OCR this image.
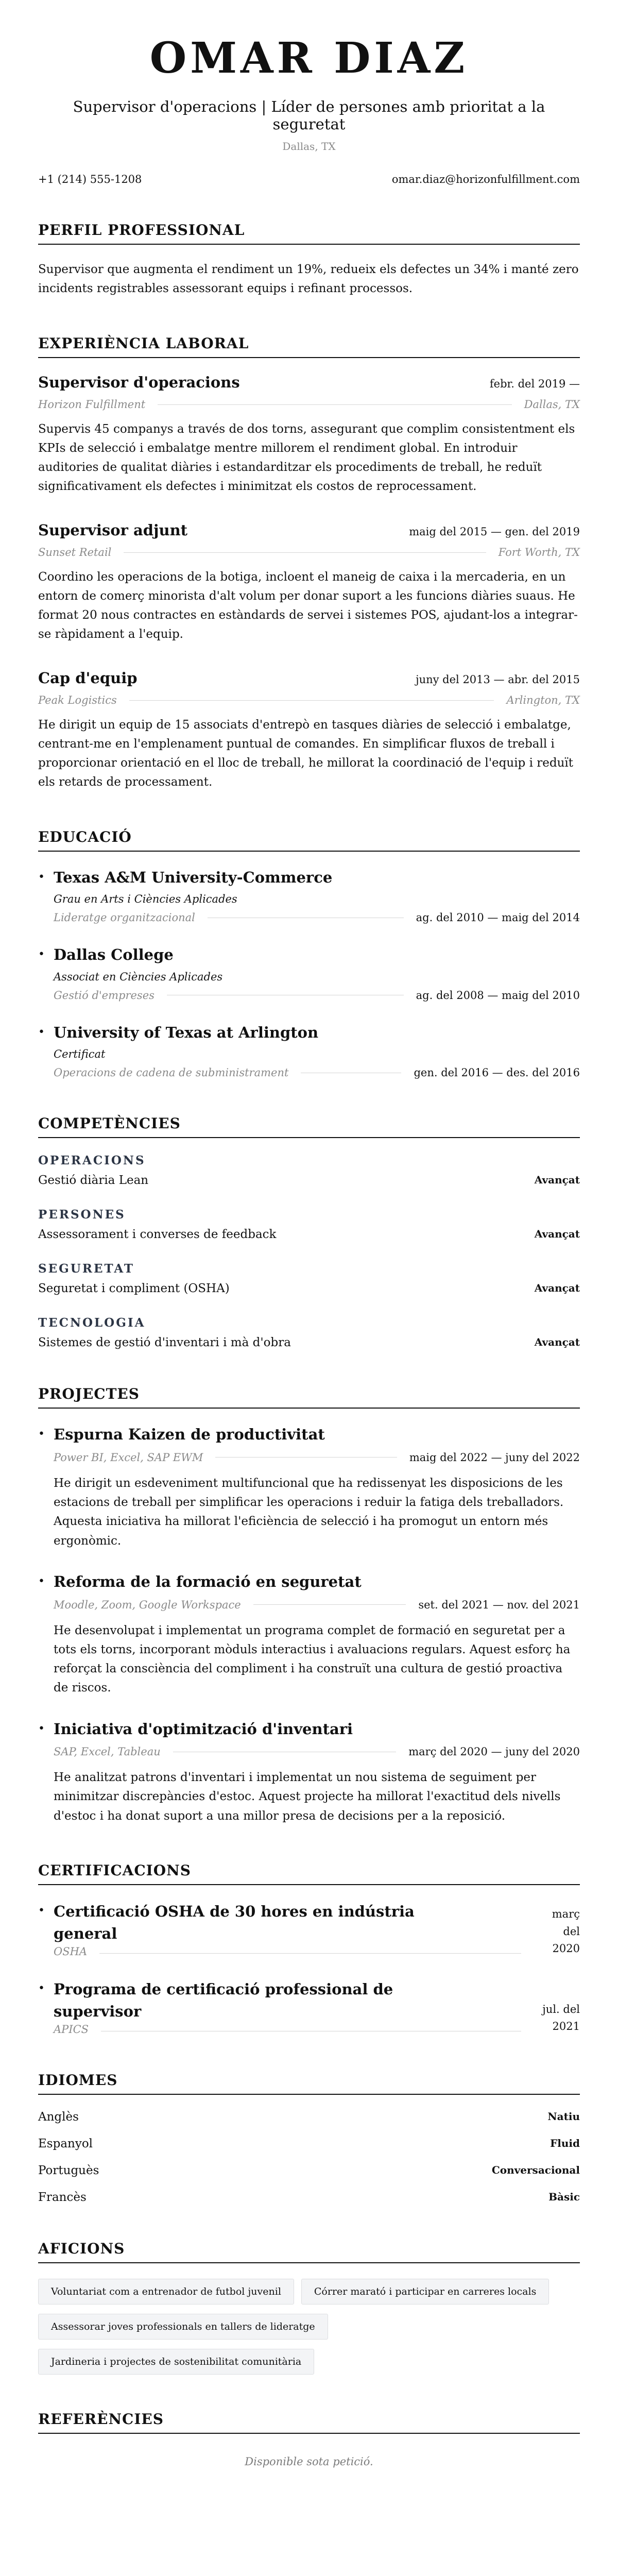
OMAR DIAZ
Supervisor d'operacions | Líder de persones amb prioritat a la seguretat
Dallas, TX
+1 (214) 555-1208	omar.diaz@horizonfulfillment.com
PERFIL PROFESSIONAL

Supervisor que augmenta el rendiment un 19%, redueix els defectes un 34% i manté zero incidents registrables assessorant equips i refinant processos.

EXPERIÈNCIA LABORAL
Supervisor d'operacions	febr. del 2019 —
Horizon Fulfillment	Dallas, TX

Supervis 45 companys a través de dos torns, assegurant que complim consistentment els KPIs de selecció i embalatge mentre millorem el rendiment global. En introduir auditories de qualitat diàries i estandarditzar els procediments de treball, he reduït significativament els defectes i minimitzat els costos de reprocessament.

Supervisor adjunt	maig del 2015 — gen. del 2019
Sunset Retail	Fort Worth, TX

Coordino les operacions de la botiga, incloent el maneig de caixa i la mercaderia, en un entorn de comerç minorista d'alt volum per donar suport a les funcions diàries suaus. He format 20 nous contractes en estàndards de servei i sistemes POS, ajudant-los a integrar-se ràpidament a l'equip.

Cap d'equip	juny del 2013 — abr. del 2015
Peak Logistics	Arlington, TX

He dirigit un equip de 15 associats d'entrepò en tasques diàries de selecció i embalatge, centrant-me en l'emplenament puntual de comandes. En simplificar fluxos de treball i proporcionar orientació en el lloc de treball, he millorat la coordinació de l'equip i reduït els retards de processament.

EDUCACIÓ
• Texas A&M University-Commerce
Grau en Arts i Ciències Aplicades
Lideratge organitzacional	ag. del 2010 — maig del 2014
• Dallas College
Associat en Ciències Aplicades
Gestió d'empreses	ag. del 2008 — maig del 2010
• University of Texas at Arlington
Certificat
Operacions de cadena de subministrament	gen. del 2016 — des. del 2016
COMPETÈNCIES
OPERACIONS
Gestió diària Lean	Avançat
PERSONES
Assessorament i converses de feedback	Avançat
SEGURETAT
Seguretat i compliment (OSHA)	Avançat
TECNOLOGIA
Sistemes de gestió d'inventari i mà d'obra	Avançat
PROJECTES
• Espurna Kaizen de productivitat
Power BI, Excel, SAP EWM	maig del 2022 — juny del 2022

He dirigit un esdeveniment multifuncional que ha redissenyat les disposicions de les estacions de treball per simplificar les operacions i reduir la fatiga dels treballadors. Aquesta iniciativa ha millorat l'eficiència de selecció i ha promogut un entorn més ergonòmic.

• Reforma de la formació en seguretat
Moodle, Zoom, Google Workspace	set. del 2021 — nov. del 2021

He desenvolupat i implementat un programa complet de formació en seguretat per a tots els torns, incorporant mòduls interactius i avaluacions regulars. Aquest esforç ha reforçat la consciència del compliment i ha construït una cultura de gestió proactiva de riscos.

• Iniciativa d'optimització d'inventari
SAP, Excel, Tableau	març del 2020 — juny del 2020

He analitzat patrons d'inventari i implementat un nou sistema de seguiment per minimitzar discrepàncies d'estoc. Aquest projecte ha millorat l'exactitud dels nivells d'estoc i ha donat suport a una millor presa de decisions per a la reposició.

CERTIFICACIONS
• Certificació OSHA de 30 hores en indústria general
OSHA
març del
2020
• Programa de certificació professional de supervisor
APICS
jul. del
2021
IDIOMES
Anglès	Natiu
Espanyol	Fluid
Portuguès	Conversacional
Francès	Bàsic
AFICIONS
Voluntariat com a entrenador de futbol juvenil	Córrer marató i participar en carreres locals
Assessorar joves professionals en tallers de lideratge
Jardineria i projectes de sostenibilitat comunitària
REFERÈNCIES
Disponible sota petició.
